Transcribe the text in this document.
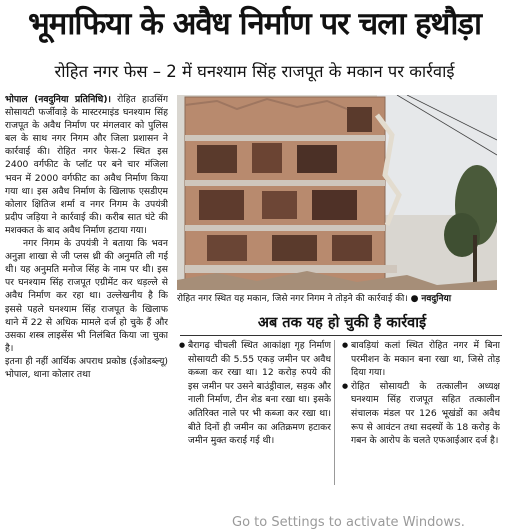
भूमाफिया के अवैध निर्माण पर चला हथौड़ा
रोहित नगर फेस – 2 में घनश्याम सिंह राजपूत के मकान पर कार्रवाई

भोपाल (नवदुनिया प्रतिनिधि)। रोहित हाउसिंग सोसायटी फर्जीवाड़े के मास्टरमाइंड घनश्याम सिंह राजपूत के अवैध निर्माण पर मंगलवार को पुलिस बल के साथ नगर निगम और जिला प्रशासन ने कार्रवाई की। रोहित नगर फेस-2 स्थित इस 2400 वर्गफीट के प्लॉट पर बने चार मंजिला भवन में 2000 वर्गफीट का अवैध निर्माण किया गया था। इस अवैध निर्माण के खिलाफ एसडीएम कोलार क्षितिज शर्मा व नगर निगम के उपयंत्री प्रदीप जड़िया ने कार्रवाई की। करीब सात घंटे की मशक्कत के बाद अवैध निर्माण हटाया गया।

नगर निगम के उपयंत्री ने बताया कि भवन अनुज्ञा शाखा से जी प्लस थ्री की अनुमति ली गई थी। यह अनुमति मनोज सिंह के नाम पर थी। इस पर घनश्याम सिंह राजपूत एग्रीमेंट कर धड़ल्ले से अवैध निर्माण कर रहा था। उल्लेखनीय है कि इससे पहले घनश्याम सिंह राजपूत के खिलाफ थाने में 22 से अधिक मामले दर्ज हो चुके हैं और उसका शस्त्र लाइसेंस भी निलंबित किया जा चुका है।

इतना ही नहीं आर्थिक अपराध प्रकोष्ठ (ईओडब्ल्यू) भोपाल, थाना कोलार तथा

रोहित नगर स्थित यह मकान, जिसे नगर निगम ने तोड़ने की कार्रवाई की। ● नवदुनिया
अब तक यह हो चुकी है कार्रवाई

● बैरागढ़ चीचली स्थित आकांक्षा गृह निर्माण सोसायटी की 5.55 एकड़ जमीन पर अवैध कब्जा कर रखा था। 12 करोड़ रुपये की इस जमीन पर उसने बाउंड्रीवाल, सड़क और नाली निर्माण, टीन शेड बना रखा था। इसके अतिरिक्त नाले पर भी कब्जा कर रखा था। बीते दिनों ही जमीन का अतिक्रमण हटाकर जमीन मुक्त कराई गई थी।

● बावड़ियां कलां स्थित रोहित नगर में बिना परमीशन के मकान बना रखा था, जिसे तोड़ दिया गया।

● रोहित सोसायटी के तत्कालीन अध्यक्ष घनश्याम सिंह राजपूत सहित तत्कालीन संचालक मंडल पर 126 भूखंडों का अवैध रूप से आवंटन तथा सदस्यों के 18 करोड़ के गबन के आरोप के चलते एफआईआर दर्ज है।

Go to Settings to activate Windows.
